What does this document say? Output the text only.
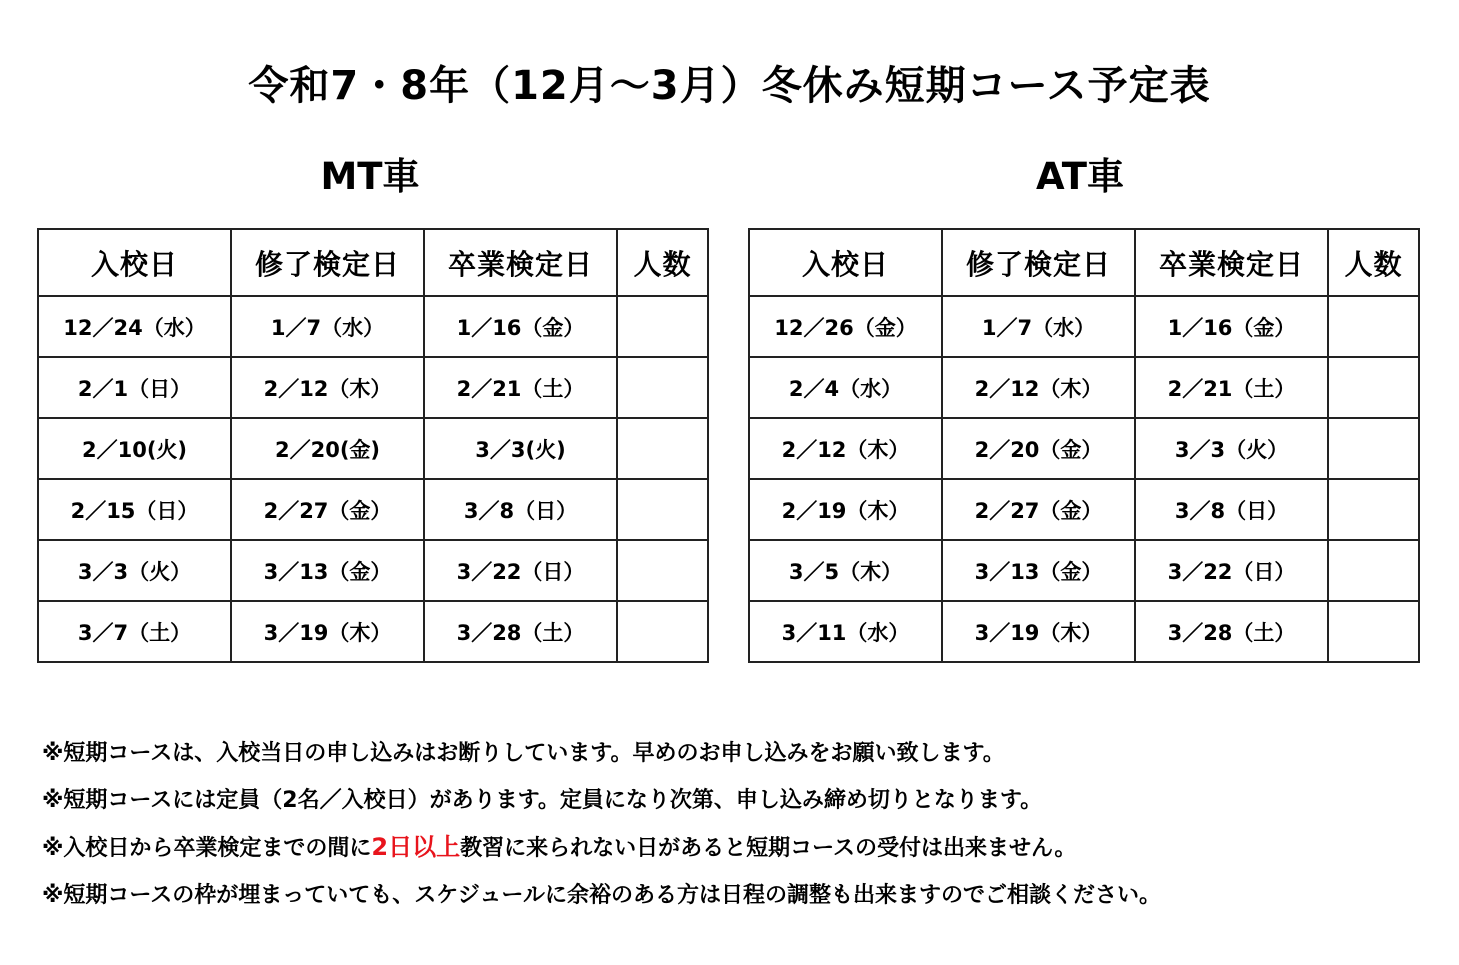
令和7・8年（12月～3月）冬休み短期コース予定表
MT車	AT車
入校日	修了検定日	卒業検定日	人数
12／24（水）	1／7（水）	1／16（金）	
2／1（日）	2／12（木）	2／21（土）	
2／10(火)	2／20(金)	3／3(火)	
2／15（日）	2／27（金）	3／8（日）	
3／3（火）	3／13（金）	3／22（日）	
3／7（土）	3／19（木）	3／28（土）	
入校日	修了検定日	卒業検定日	人数
12／26（金）	1／7（水）	1／16（金）	
2／4（水）	2／12（木）	2／21（土）	
2／12（木）	2／20（金）	3／3（火）	
2／19（木）	2／27（金）	3／8（日）	
3／5（木）	3／13（金）	3／22（日）	
3／11（水）	3／19（木）	3／28（土）	
※短期コースは、入校当日の申し込みはお断りしています。早めのお申し込みをお願い致します。
※短期コースには定員（2名／入校日）があります。定員になり次第、申し込み締め切りとなります。
※入校日から卒業検定までの間に2日以上教習に来られない日があると短期コースの受付は出来ません。
※短期コースの枠が埋まっていても、スケジュールに余裕のある方は日程の調整も出来ますのでご相談ください。
